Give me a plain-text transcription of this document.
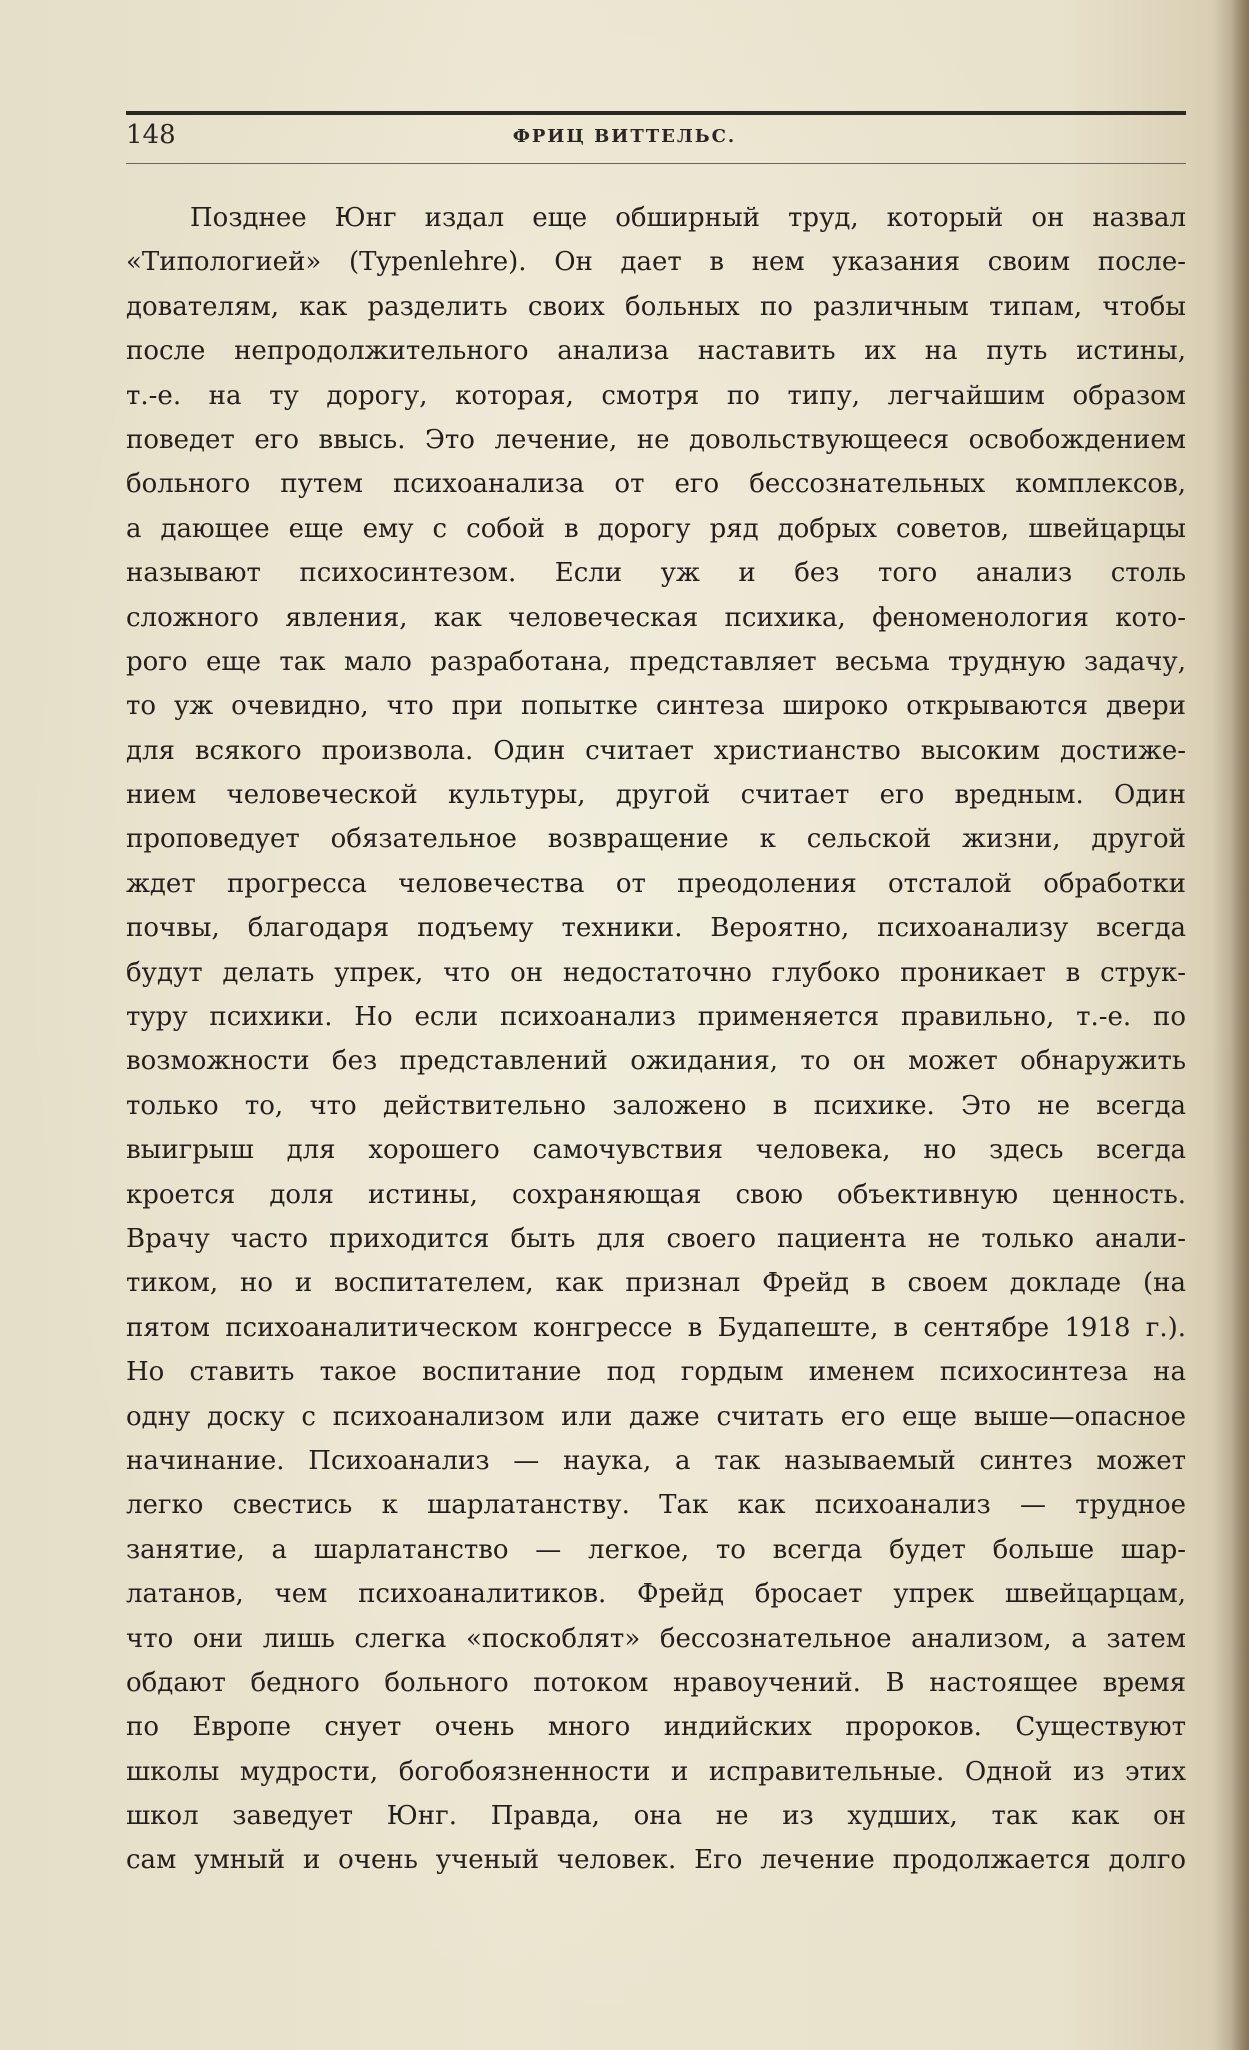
148	ФРИЦ ВИТТЕЛЬС.
Позднее Юнг издал еще обширный труд, который он назвал
«Типологией» (Typenlehre). Он дает в нем указания своим после-
дователям, как разделить своих больных по различным типам, чтобы
после непродолжительного анализа наставить их на путь истины,
т.-е. на ту дорогу, которая, смотря по типу, легчайшим образом
поведет его ввысь. Это лечение, не довольствующееся освобождением
больного путем психоанализа от его бессознательных комплексов,
а дающее еще ему с собой в дорогу ряд добрых советов, швейцарцы
называют психосинтезом. Если уж и без того анализ столь
сложного явления, как человеческая психика, феноменология кото-
рого еще так мало разработана, представляет весьма трудную задачу,
то уж очевидно, что при попытке синтеза широко открываются двери
для всякого произвола. Один считает христианство высоким достиже-
нием человеческой культуры, другой считает его вредным. Один
проповедует обязательное возвращение к сельской жизни, другой
ждет прогресса человечества от преодоления отсталой обработки
почвы, благодаря подъему техники. Вероятно, психоанализу всегда
будут делать упрек, что он недостаточно глубоко проникает в струк-
туру психики. Но если психоанализ применяется правильно, т.-е. по
возможности без представлений ожидания, то он может обнаружить
только то, что действительно заложено в психике. Это не всегда
выигрыш для хорошего самочувствия человека, но здесь всегда
кроется доля истины, сохраняющая свою объективную ценность.
Врачу часто приходится быть для своего пациента не только анали-
тиком, но и воспитателем, как признал Фрейд в своем докладе (на
пятом психоаналитическом конгрессе в Будапеште, в сентябре 1918 г.).
Но ставить такое воспитание под гордым именем психосинтеза на
одну доску с психоанализом или даже считать его еще выше—опасное
начинание. Психоанализ — наука, а так называемый синтез может
легко свестись к шарлатанству. Так как психоанализ — трудное
занятие, а шарлатанство — легкое, то всегда будет больше шар-
латанов, чем психоаналитиков. Фрейд бросает упрек швейцарцам,
что они лишь слегка «поскоблят» бессознательное анализом, а затем
обдают бедного больного потоком нравоучений. В настоящее время
по Европе снует очень много индийских пророков. Существуют
школы мудрости, богобоязненности и исправительные. Одной из этих
школ заведует Юнг. Правда, она не из худших, так как он
сам умный и очень ученый человек. Его лечение продолжается долго
